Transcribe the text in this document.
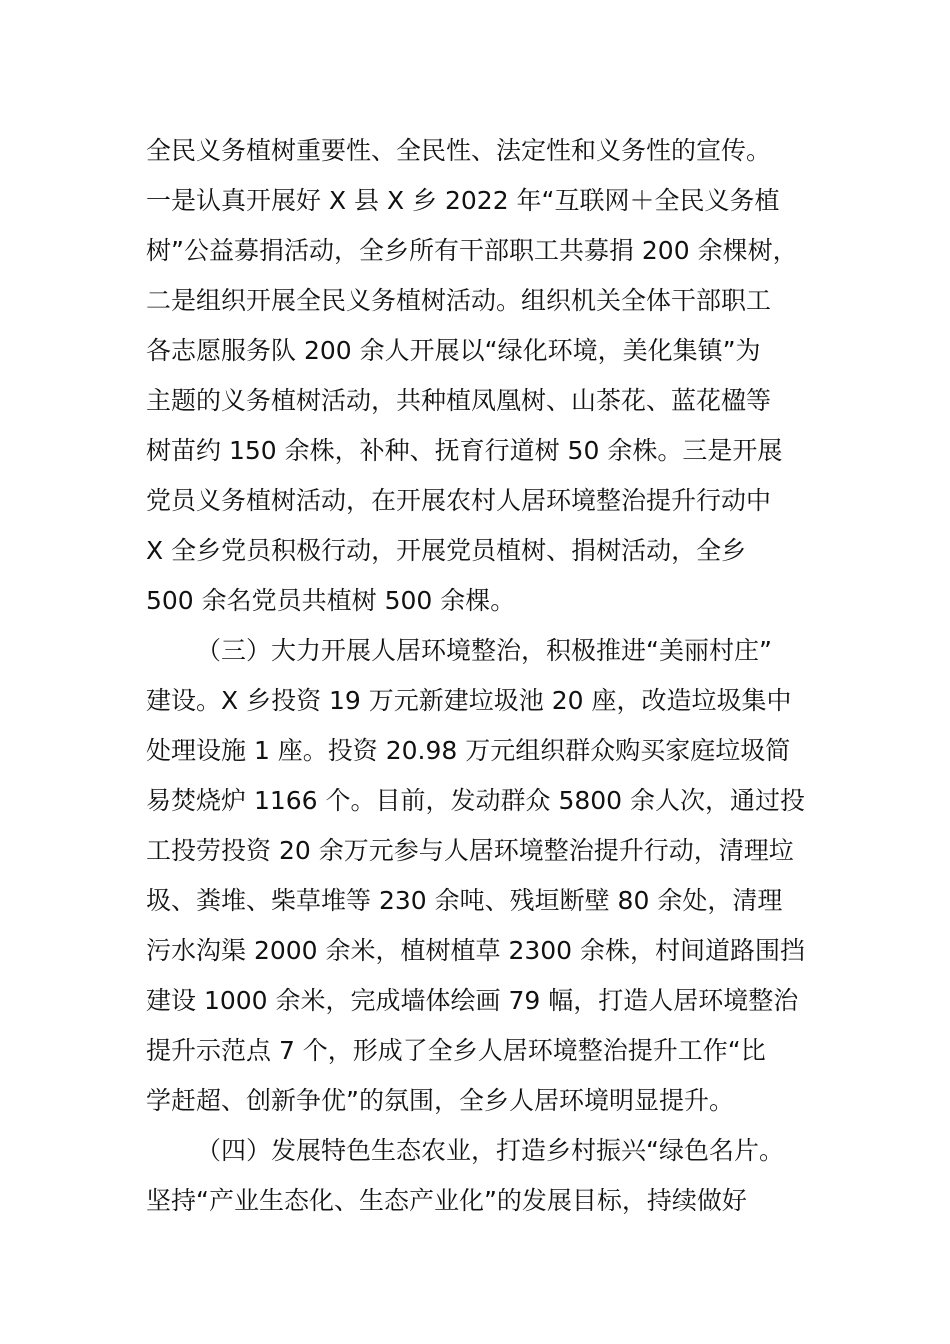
全民义务植树重要性、全民性、法定性和义务性的宣传。
一是认真开展好 X 县 X 乡 2022 年“互联网＋全民义务植
树”公益募捐活动，全乡所有干部职工共募捐 200 余棵树，
二是组织开展全民义务植树活动。组织机关全体干部职工
各志愿服务队 200 余人开展以“绿化环境，美化集镇”为
主题的义务植树活动，共种植凤凰树、山茶花、蓝花楹等
树苗约 150 余株，补种、抚育行道树 50 余株。三是开展
党员义务植树活动，在开展农村人居环境整治提升行动中
X 全乡党员积极行动，开展党员植树、捐树活动，全乡
500 余名党员共植树 500 余棵。
（三）大力开展人居环境整治，积极推进“美丽村庄”
建设。X 乡投资 19 万元新建垃圾池 20 座，改造垃圾集中
处理设施 1 座。投资 20.98 万元组织群众购买家庭垃圾简
易焚烧炉 1166 个。目前，发动群众 5800 余人次，通过投
工投劳投资 20 余万元参与人居环境整治提升行动，清理垃
圾、粪堆、柴草堆等 230 余吨、残垣断壁 80 余处，清理
污水沟渠 2000 余米，植树植草 2300 余株，村间道路围挡
建设 1000 余米，完成墙体绘画 79 幅，打造人居环境整治
提升示范点 7 个，形成了全乡人居环境整治提升工作“比
学赶超、创新争优”的氛围，全乡人居环境明显提升。
（四）发展特色生态农业，打造乡村振兴“绿色名片。
坚持“产业生态化、生态产业化”的发展目标，持续做好
